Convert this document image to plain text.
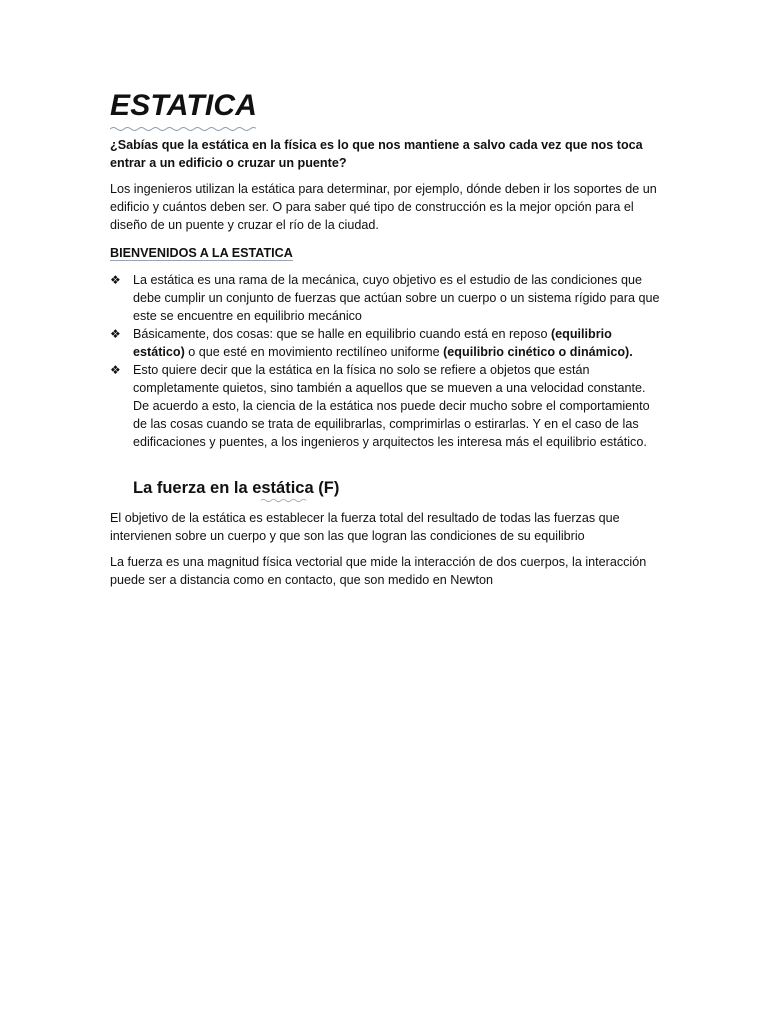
ESTATICA

¿Sabías que la estática en la física es lo que nos mantiene a salvo cada vez que nos toca entrar a un edificio o cruzar un puente?

Los ingenieros utilizan la estática para determinar, por ejemplo, dónde deben ir los soportes de un edificio y cuántos deben ser. O para saber qué tipo de construcción es la mejor opción para el diseño de un puente y cruzar el río de la ciudad.

BIENVENIDOS A LA ESTATICA

❖ La estática es una rama de la mecánica, cuyo objetivo es el estudio de las condiciones que debe cumplir un conjunto de fuerzas que actúan sobre un cuerpo o un sistema rígido para que este se encuentre en equilibrio mecánico
❖ Básicamente, dos cosas: que se halle en equilibrio cuando está en reposo (equilibrio estático) o que esté en movimiento rectilíneo uniforme (equilibrio cinético o dinámico).
❖ Esto quiere decir que la estática en la física no solo se refiere a objetos que están completamente quietos, sino también a aquellos que se mueven a una velocidad constante. De acuerdo a esto, la ciencia de la estática nos puede decir mucho sobre el comportamiento de las cosas cuando se trata de equilibrarlas, comprimirlas o estirarlas. Y en el caso de las edificaciones y puentes, a los ingenieros y arquitectos les interesa más el equilibrio estático.
La fuerza en la estática (F)

El objetivo de la estática es establecer la fuerza total del resultado de todas las fuerzas que intervienen sobre un cuerpo y que son las que logran las condiciones de su equilibrio

La fuerza es una magnitud física vectorial que mide la interacción de dos cuerpos, la interacción puede ser a distancia como en contacto, que son medido en Newton
